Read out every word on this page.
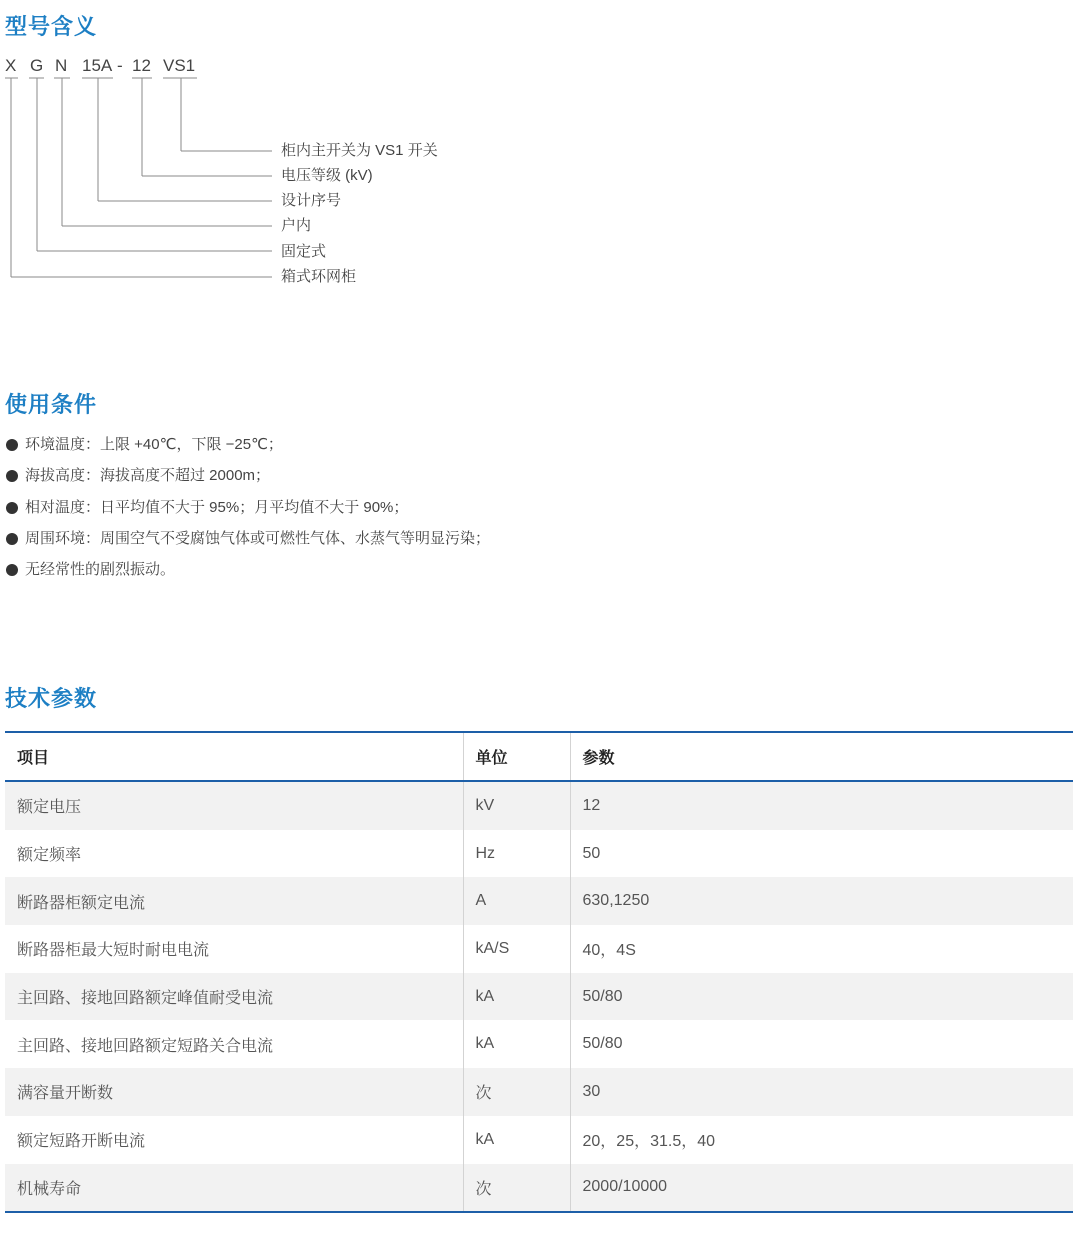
型号含义
X G N 15A - 12 VS1
柜内主开关为 VS1 开关
电压等级 (kV)
设计序号
户内
固定式
箱式环网柜
使用条件
环境温度：上限 +40℃，下限 −25℃；
海拔高度：海拔高度不超过 2000m；
相对温度：日平均值不大于 95%；月平均值不大于 90%；
周围环境：周围空气不受腐蚀气体或可燃性气体、水蒸气等明显污染；
无经常性的剧烈振动。
技术参数
项目	单位	参数
额定电压	kV	12
额定频率	Hz	50
断路器柜额定电流	A	630,1250
断路器柜最大短时耐电电流	kA/S	40，4S
主回路、接地回路额定峰值耐受电流	kA	50/80
主回路、接地回路额定短路关合电流	kA	50/80
满容量开断数	次	30
额定短路开断电流	kA	20，25，31.5，40
机械寿命	次	2000/10000
